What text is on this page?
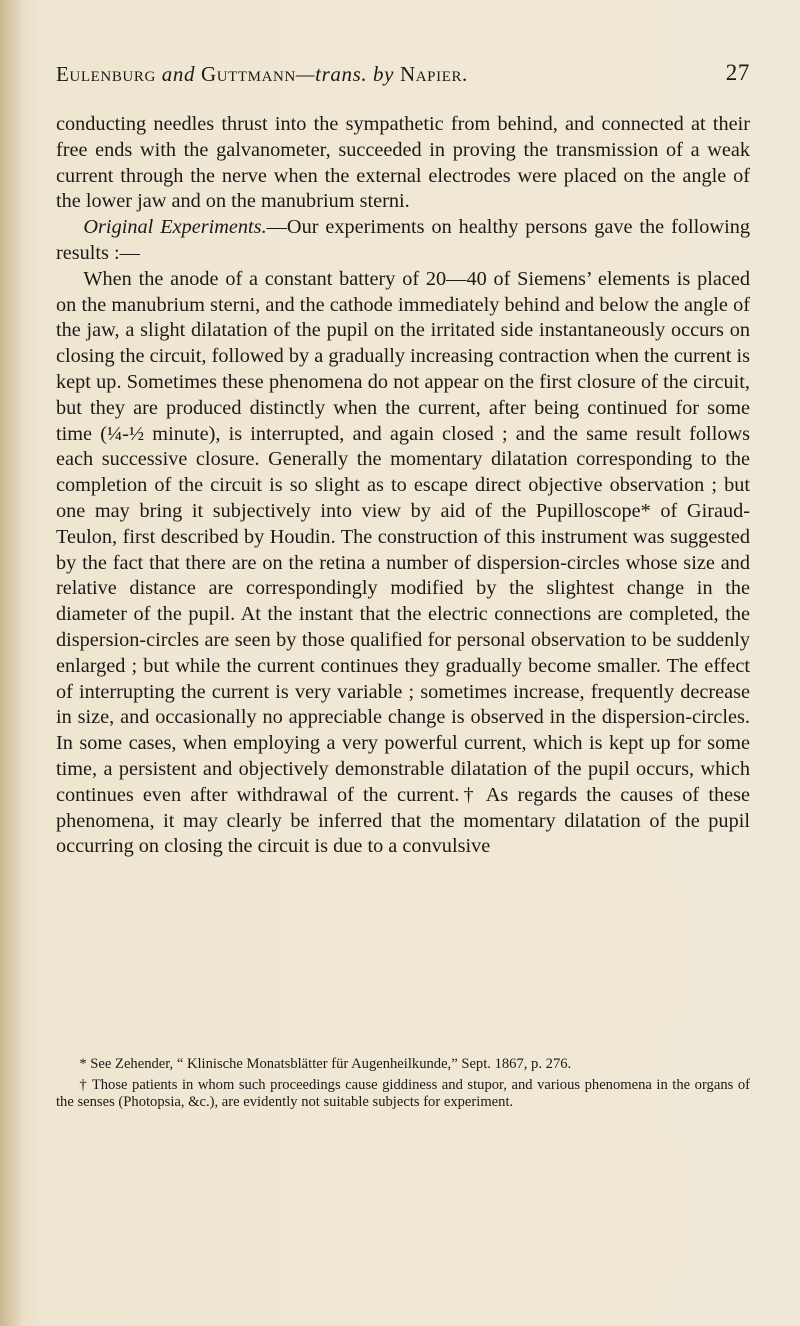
Eulenburg and Guttmann—trans. by Napier.	27

conducting needles thrust into the sympathetic from behind, and connected at their free ends with the galvanometer, succeeded in proving the transmission of a weak current through the nerve when the external electrodes were placed on the angle of the lower jaw and on the manubrium sterni.

Original Experiments.—Our experiments on healthy persons gave the following results :—

When the anode of a constant battery of 20—40 of Siemens’ elements is placed on the manubrium sterni, and the cathode immediately behind and below the angle of the jaw, a slight dilatation of the pupil on the irritated side instantaneously occurs on closing the circuit, followed by a gradually increasing contraction when the current is kept up. Sometimes these phenomena do not appear on the first closure of the circuit, but they are produced distinctly when the current, after being continued for some time (¼-½ minute), is interrupted, and again closed ; and the same result follows each successive closure. Generally the momentary dilatation corresponding to the completion of the circuit is so slight as to escape direct objective observation ; but one may bring it subjectively into view by aid of the Pupilloscope* of Giraud-Teulon, first described by Houdin. The construction of this instrument was suggested by the fact that there are on the retina a number of dispersion-circles whose size and relative distance are correspondingly modified by the slightest change in the diameter of the pupil. At the instant that the electric connections are completed, the dispersion-circles are seen by those qualified for personal observation to be suddenly enlarged ; but while the current continues they gradually become smaller. The effect of interrupting the current is very variable ; sometimes increase, frequently decrease in size, and occasionally no appreciable change is observed in the dispersion-circles. In some cases, when employing a very powerful current, which is kept up for some time, a persistent and objectively demonstrable dilatation of the pupil occurs, which continues even after withdrawal of the current.† As regards the causes of these phenomena, it may clearly be inferred that the momentary dilatation of the pupil occurring on closing the circuit is due to a convulsive

* See Zehender, “ Klinische Monatsblätter für Augenheilkunde,” Sept. 1867, p. 276.

† Those patients in whom such proceedings cause giddiness and stupor, and various phenomena in the organs of the senses (Photopsia, &c.), are evidently not suitable subjects for experiment.
